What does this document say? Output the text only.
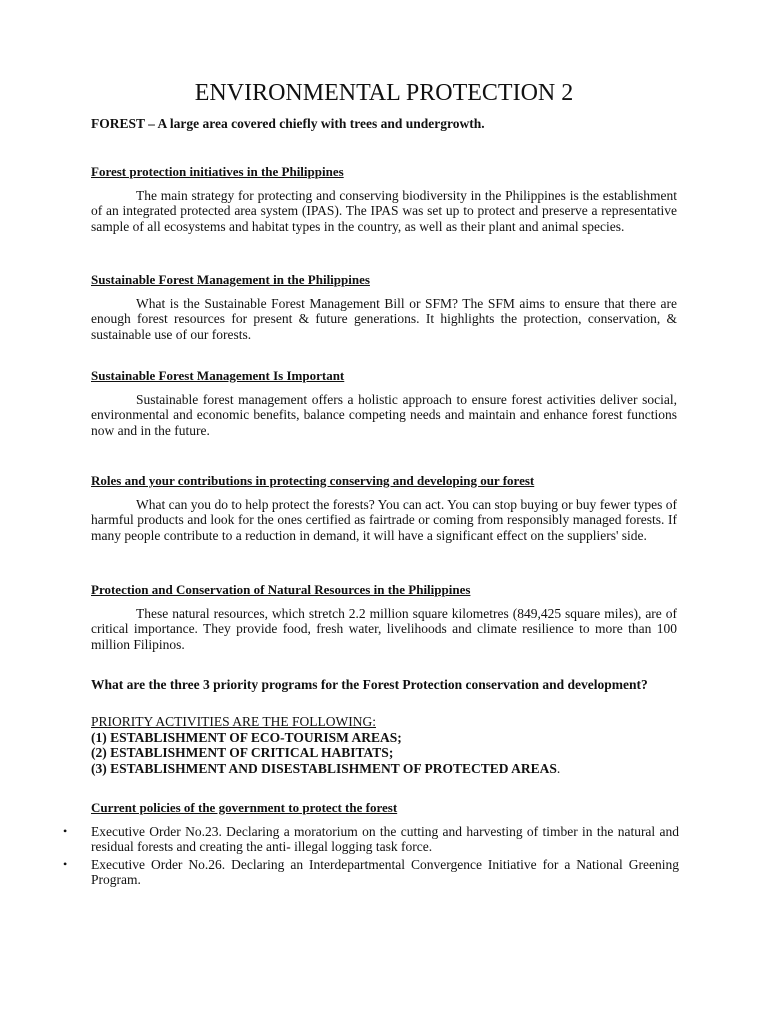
ENVIRONMENTAL PROTECTION 2

FOREST – A large area covered chiefly with trees and undergrowth.

Forest protection initiatives in the Philippines

The main strategy for protecting and conserving biodiversity in the Philippines is the establishment of an integrated protected area system (IPAS). The IPAS was set up to protect and preserve a representative sample of all ecosystems and habitat types in the country, as well as their plant and animal species.

Sustainable Forest Management in the Philippines

What is the Sustainable Forest Management Bill or SFM? The SFM aims to ensure that there are enough forest resources for present & future generations. It highlights the protection, conservation, & sustainable use of our forests.

Sustainable Forest Management Is Important

Sustainable forest management offers a holistic approach to ensure forest activities deliver social, environmental and economic benefits, balance competing needs and maintain and enhance forest functions now and in the future.

Roles and your contributions in protecting conserving and developing our forest

What can you do to help protect the forests? You can act. You can stop buying or buy fewer types of harmful products and look for the ones certified as fairtrade or coming from responsibly managed forests. If many people contribute to a reduction in demand, it will have a significant effect on the suppliers' side.

Protection and Conservation of Natural Resources in the Philippines

These natural resources, which stretch 2.2 million square kilometres (849,425 square miles), are of critical importance. They provide food, fresh water, livelihoods and climate resilience to more than 100 million Filipinos.

What are the three 3 priority programs for the Forest Protection conservation and development?

PRIORITY ACTIVITIES ARE THE FOLLOWING:
(1) ESTABLISHMENT OF ECO-TOURISM AREAS;
(2) ESTABLISHMENT OF CRITICAL HABITATS;
(3) ESTABLISHMENT AND DISESTABLISHMENT OF PROTECTED AREAS.

Current policies of the government to protect the forest

• Executive Order No.23. Declaring a moratorium on the cutting and harvesting of timber in the natural and residual forests and creating the anti- illegal logging task force.
• Executive Order No.26. Declaring an Interdepartmental Convergence Initiative for a National Greening Program.
